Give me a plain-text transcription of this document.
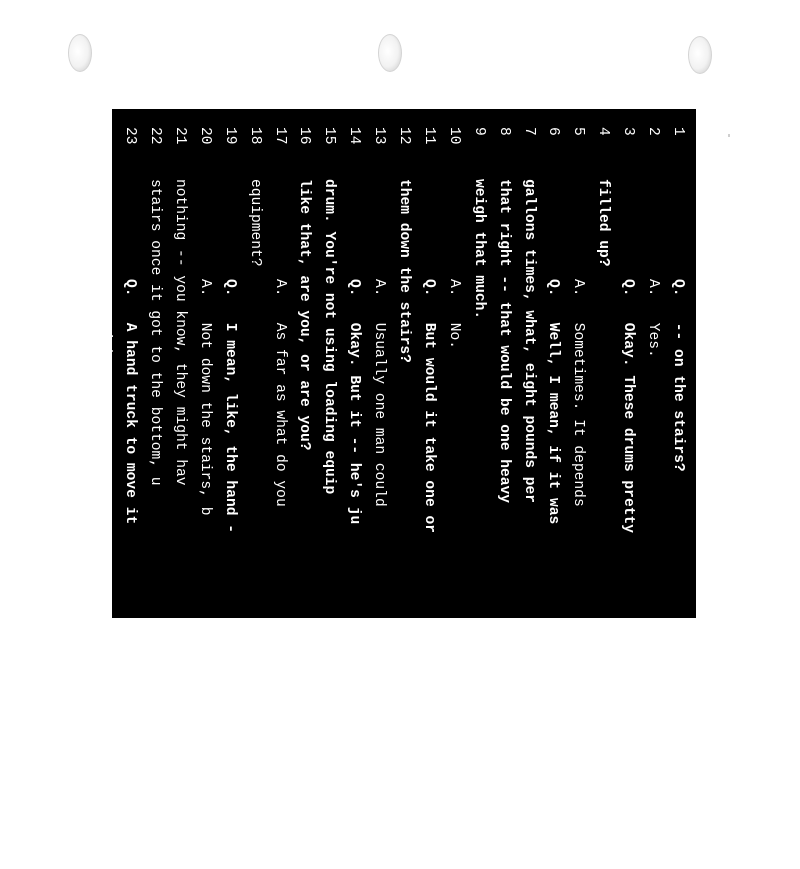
1
Q.   -- on the stairs?
2
A.   Yes.
3
Q.   Okay. These drums pretty
4
filled up?
5
A.   Sometimes. It depends
6
Q.   Well, I mean, if it was
7
gallons times, what, eight pounds per
8
that right -- that would be one heavy
9
weigh that much.
10
A.   No.
11
Q.   But would it take one or
12
them down the stairs?
13
A.   Usually one man could
14
Q.   Okay. But it -- he's ju
15
drum. You're not using loading equip
16
like that, are you, or are you?
17
A.   As far as what do you
18
equipment?
19
Q.   I mean, like, the hand -
20
A.   Not down the stairs, b
21
nothing -- you know, they might hav
22
stairs once it got to the bottom, u
23
Q.   A hand truck to move it
24
A.   Right.
